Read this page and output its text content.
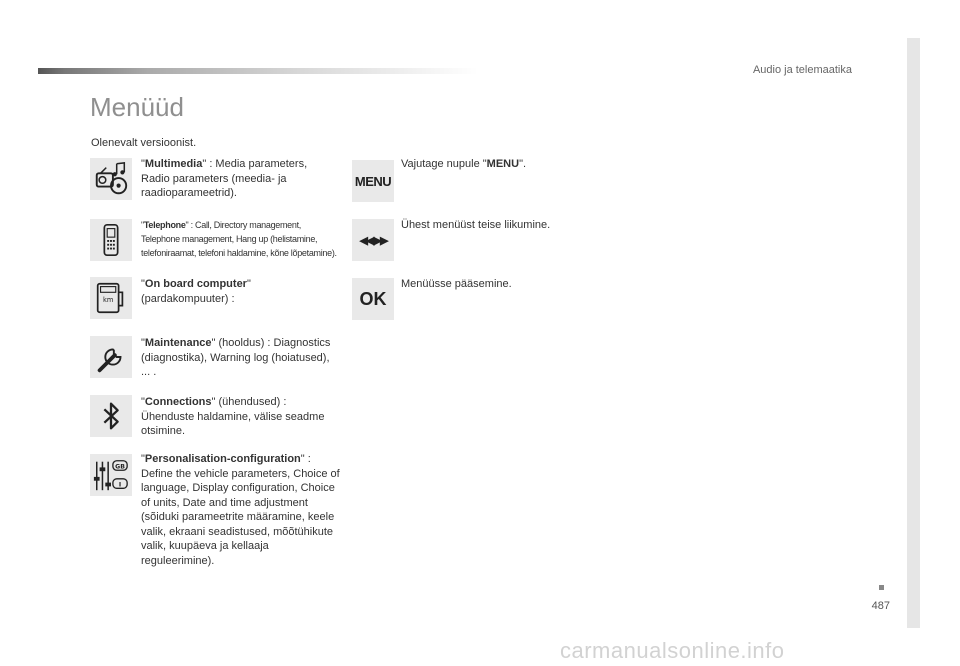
Audio ja telemaatika
Menüüd
Olenevalt versioonist.
"Multimedia" : Media parameters, Radio parameters (meedia- ja raadioparameetrid).
"Telephone" : Call, Directory management, Telephone management, Hang up (helistamine, telefoniraamat, telefoni haldamine, kõne lõpetamine).
km
"On board computer" (pardakompuuter) :
"Maintenance" (hooldus) : Diagnostics (diagnostika), Warning log (hoiatused), ... .
"Connections" (ühendused) : Ühenduste haldamine, välise seadme otsimine.
GB
I
"Personalisation-configuration" : Define the vehicle parameters, Choice of language, Display configuration, Choice of units, Date and time adjustment (sõiduki parameetrite määramine, keele valik, ekraani seadistused, mõõtühikute valik, kuupäeva ja kellaaja reguleerimine).
MENU
Vajutage nupule "MENU".
◀◀ ▶▶
Ühest menüüst teise liikumine.
OK
Menüüsse pääsemine.
487
carmanualsonline.info
